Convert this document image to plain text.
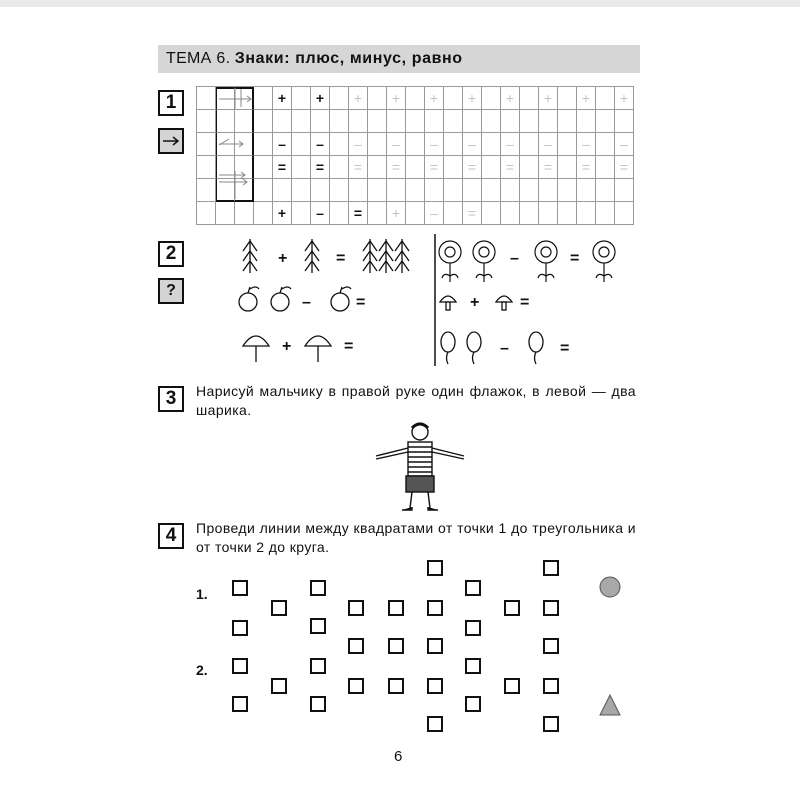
ТЕМА 6. Знаки: плюс, минус, равно
1	+	+	+	+	+	+	+	+	+	+
–	–	–	–	–	–	–	–	–	–
=	=	=	=	=	=	=	=	=	=
+	–	=	+	–	=
2
?
+	=
–	=
+	=
–	=
+	=
–	=
3	Нарисуй мальчику в правой руке один флажок, в левой — два шарика.
4	Проведи линии между квадратами от точки 1 до треугольника и от точки 2 до круга.
1.
2.
6
